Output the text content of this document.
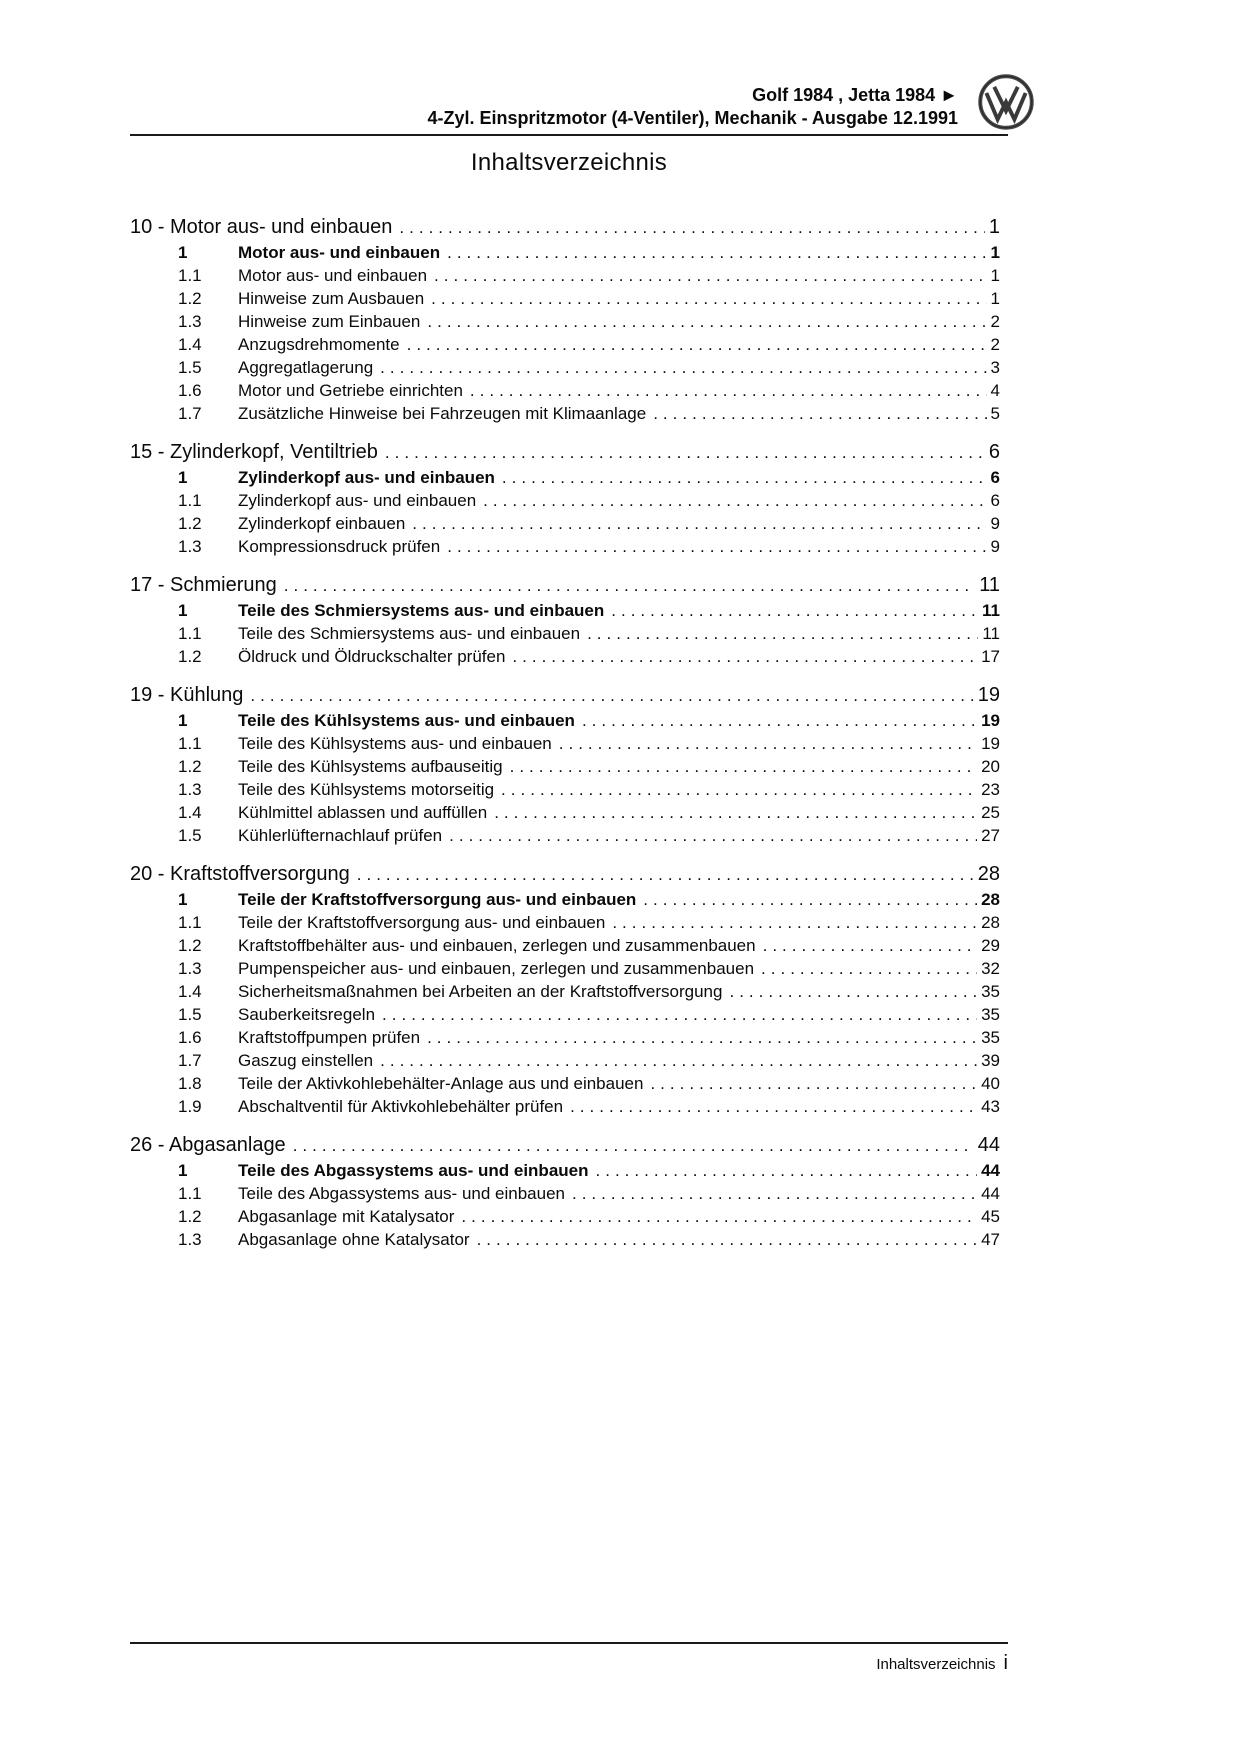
Golf 1984 , Jetta 1984 ►
4-Zyl. Einspritzmotor (4-Ventiler), Mechanik - Ausgabe 12.1991
Inhaltsverzeichnis
10 - Motor aus- und einbauen .....	1
1	Motor aus- und einbauen .....	1
1.1	Motor aus- und einbauen .....	1
1.2	Hinweise zum Ausbauen .....	1
1.3	Hinweise zum Einbauen .....	2
1.4	Anzugsdrehmomente .....	2
1.5	Aggregatlagerung .....	3
1.6	Motor und Getriebe einrichten .....	4
1.7	Zusätzliche Hinweise bei Fahrzeugen mit Klimaanlage .....	5
15 - Zylinderkopf, Ventiltrieb .....	6
1	Zylinderkopf aus- und einbauen .....	6
1.1	Zylinderkopf aus- und einbauen .....	6
1.2	Zylinderkopf einbauen .....	9
1.3	Kompressionsdruck prüfen .....	9
17 - Schmierung .....	11
1	Teile des Schmiersystems aus- und einbauen .....	11
1.1	Teile des Schmiersystems aus- und einbauen .....	11
1.2	Öldruck und Öldruckschalter prüfen .....	17
19 - Kühlung .....	19
1	Teile des Kühlsystems aus- und einbauen .....	19
1.1	Teile des Kühlsystems aus- und einbauen .....	19
1.2	Teile des Kühlsystems aufbauseitig .....	20
1.3	Teile des Kühlsystems motorseitig .....	23
1.4	Kühlmittel ablassen und auffüllen .....	25
1.5	Kühlerlüfternachlauf prüfen .....	27
20 - Kraftstoffversorgung .....	28
1	Teile der Kraftstoffversorgung aus- und einbauen .....	28
1.1	Teile der Kraftstoffversorgung aus- und einbauen .....	28
1.2	Kraftstoffbehälter aus- und einbauen, zerlegen und zusammenbauen .....	29
1.3	Pumpenspeicher aus- und einbauen, zerlegen und zusammenbauen .....	32
1.4	Sicherheitsmaßnahmen bei Arbeiten an der Kraftstoffversorgung .....	35
1.5	Sauberkeitsregeln .....	35
1.6	Kraftstoffpumpen prüfen .....	35
1.7	Gaszug einstellen .....	39
1.8	Teile der Aktivkohlebehälter-Anlage aus und einbauen .....	40
1.9	Abschaltventil für Aktivkohlebehälter prüfen .....	43
26 - Abgasanlage .....	44
1	Teile des Abgassystems aus- und einbauen .....	44
1.1	Teile des Abgassystems aus- und einbauen .....	44
1.2	Abgasanlage mit Katalysator .....	45
1.3	Abgasanlage ohne Katalysator .....	47
Inhaltsverzeichnis i
